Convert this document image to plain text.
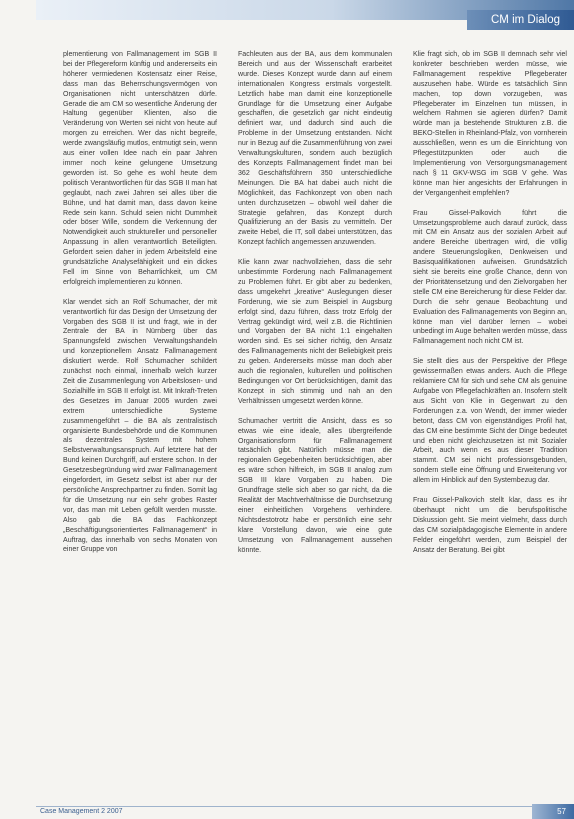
CM im Dialog

plementierung von Fallmanagement im SGB II bei der Pflegereform künftig und andererseits ein höherer vermiedenen Kostensatz einer Reise, dass man das Beherrschungsvermögen von Organisationen nicht unterschätzen dürfe. Gerade die am CM so wesentliche Änderung der Haltung gegenüber Klienten, also die Veränderung von Werten sei nicht von heute auf morgen zu erreichen. Wer das nicht begreife, werde zwangsläufig mutlos, entmutigt sein, wenn aus einer vollen Idee nach ein paar Jahren immer noch keine gelungene Umsetzung geworden ist. So gehe es wohl heute dem politisch Verantwortlichen für das SGB II man hat geglaubt, nach zwei Jahren sei alles über die Bühne, und hat damit man, dass davon keine Rede sein kann. Schuld seien nicht Dummheit oder böser Wille, sondern die Verkennung der Notwendigkeit auch struktureller und personeller Anpassung in allen verantwortlich Beteiligten. Gefordert seien daher in jedem Arbeitsfeld eine grundsätzliche Analysefähigkeit und ein dickes Fell im Sinne von Beharrlichkeit, um CM erfolgreich implementieren zu können.

Klar wendet sich an Rolf Schumacher, der mit verantwortlich für das Design der Umsetzung der Vorgaben des SGB II ist und fragt, wie in der Zentrale der BA in Nürnberg über das Spannungsfeld zwischen Verwaltungshandeln und konzeptionellem Ansatz Fallmanagement diskutiert werde. Rolf Schumacher schildert zunächst noch einmal, innerhalb welch kurzer Zeit die Zusammenlegung von Arbeitslosen- und Sozialhilfe im SGB II erfolgt ist. Mit Inkraft-Treten des Gesetzes im Januar 2005 wurden zwei extrem unterschiedliche Systeme zusammengeführt – die BA als zentralistisch organisierte Bundesbehörde und die Kommunen als dezentrales System mit hohem Selbstverwaltungsanspruch. Auf letztere hat der Bund keinen Durchgriff, auf erstere schon. In der Gesetzesbegründung wird zwar Fallmanagement eingefordert, im Gesetz selbst ist aber nur der persönliche Ansprechpartner zu finden. Somit lag für die Umsetzung nur ein sehr grobes Raster vor, das man mit Leben gefüllt werden musste. Also gab die BA das Fachkonzept „Beschäftigungsorientiertes Fallmanagement“ in Auftrag, das innerhalb von sechs Monaten von einer Gruppe von

Fachleuten aus der BA, aus dem kommunalen Bereich und aus der Wissenschaft erarbeitet wurde. Dieses Konzept wurde dann auf einem internationalen Kongress erstmals vorgestellt. Letztlich habe man damit eine konzeptionelle Grundlage für die Umsetzung einer Aufgabe geschaffen, die gesetzlich gar nicht eindeutig definiert war, und dadurch sind auch die Probleme in der Umsetzung entstanden. Nicht nur in Bezug auf die Zusammenführung von zwei Verwaltungskulturen, sondern auch bezüglich des Konzepts Fallmanagement findet man bei 362 Geschäftsführern 350 unterschiedliche Meinungen. Die BA hat dabei auch nicht die Möglichkeit, das Fachkonzept von oben nach unten durchzusetzen – obwohl weil daher die Strategie gefahren, das Konzept durch Qualifizierung an der Basis zu vermitteln. Der zweite Hebel, die IT, soll dabei unterstützen, das Konzept fachlich angemessen anzuwenden.

Klie kann zwar nachvollziehen, dass die sehr unbestimmte Forderung nach Fallmanagement zu Problemen führt. Er gibt aber zu bedenken, dass umgekehrt „kreative“ Auslegungen dieser Forderung, wie sie zum Beispiel in Augsburg erfolgt sind, dazu führen, dass trotz Erfolg der Vertrag gekündigt wird, weil z.B. die Richtlinien und Vorgaben der BA nicht 1:1 eingehalten worden sind. Es sei sicher richtig, den Ansatz des Fallmanagements nicht der Beliebigkeit preis zu geben. Andererseits müsse man doch aber auch die regionalen, kulturellen und politischen Bedingungen vor Ort berücksichtigen, damit das Konzept in sich stimmig und nah an den Verhältnissen umgesetzt werden könne.

Schumacher vertritt die Ansicht, dass es so etwas wie eine ideale, alles übergreifende Organisationsform für Fallmanagement tatsächlich gibt. Natürlich müsse man die regionalen Gegebenheiten berücksichtigen, aber es wäre schon hilfreich, im SGB II analog zum SGB III klare Vorgaben zu haben. Die Grundfrage stelle sich aber so gar nicht, da die Realität der Machtverhältnisse die Durchsetzung einer einheitlichen Vorgehens verhindere. Nichtsdestotrotz habe er persönlich eine sehr klare Vorstellung davon, wie eine gute Umsetzung von Fallmanagement aussehen könnte.

Klie fragt sich, ob im SGB II demnach sehr viel konkreter beschrieben werden müsse, wie Fallmanagement respektive Pflegeberater auszusehen habe. Würde es tatsächlich Sinn machen, top down vorzugeben, was Pflegeberater im Einzelnen tun müssen, in welchem Rahmen sie agieren dürfen? Damit würde man ja bestehende Strukturen z.B. die BEKO-Stellen in Rheinland-Pfalz, von vornherein ausschließen, wenn es um die Einrichtung von Pflegestützpunkten oder auch die Implementierung von Versorgungsmanagement nach § 11 GKV-WSG im SGB V gehe. Was könne man hier angesichts der Erfahrungen in der Vergangenheit empfehlen?

Frau Gissel-Palkovich führt die Umsetzungsprobleme auch darauf zurück, dass mit CM ein Ansatz aus der sozialen Arbeit auf andere Bereiche übertragen wird, die völlig andere Steuerungslogiken, Denkweisen und Basisqualifikationen aufweisen. Grundsätzlich sieht sie bereits eine große Chance, denn von der Prioritätensetzung und den Zielvorgaben her stelle CM eine Bereicherung für diese Felder dar. Durch die sehr genaue Beobachtung und Evaluation des Fallmanagements von Beginn an, könne man viel darüber lernen – wobei unbedingt im Auge behalten werden müsse, dass Fallmanagement noch nicht CM ist.

Sie stellt dies aus der Perspektive der Pflege gewissermaßen etwas anders. Auch die Pflege reklamiere CM für sich und sehe CM als genuine Aufgabe von Pflegefachkräften an. Insofern stellt aus Sicht von Klie in Gegenwart zu den Forderungen z.a. von Wendt, der immer wieder betont, dass CM von eigenständiges Profil hat, das CM eine bestimmte Sicht der Dinge bedeutet und eben nicht gleichzusetzen ist mit Sozialer Arbeit, auch wenn es aus dieser Tradition stammt. CM sei nicht professionsgebunden, sondern stelle eine Öffnung und Erweiterung vor allem im Hinblick auf den Systembezug dar.

Frau Gissel-Palkovich stellt klar, dass es ihr überhaupt nicht um die berufspolitische Diskussion geht. Sie meint vielmehr, dass durch das CM sozialpädagogische Elemente in andere Felder eingeführt werden, zum Beispiel der Ansatz der Beratung. Bei gibt

Case Management 2 2007	57
